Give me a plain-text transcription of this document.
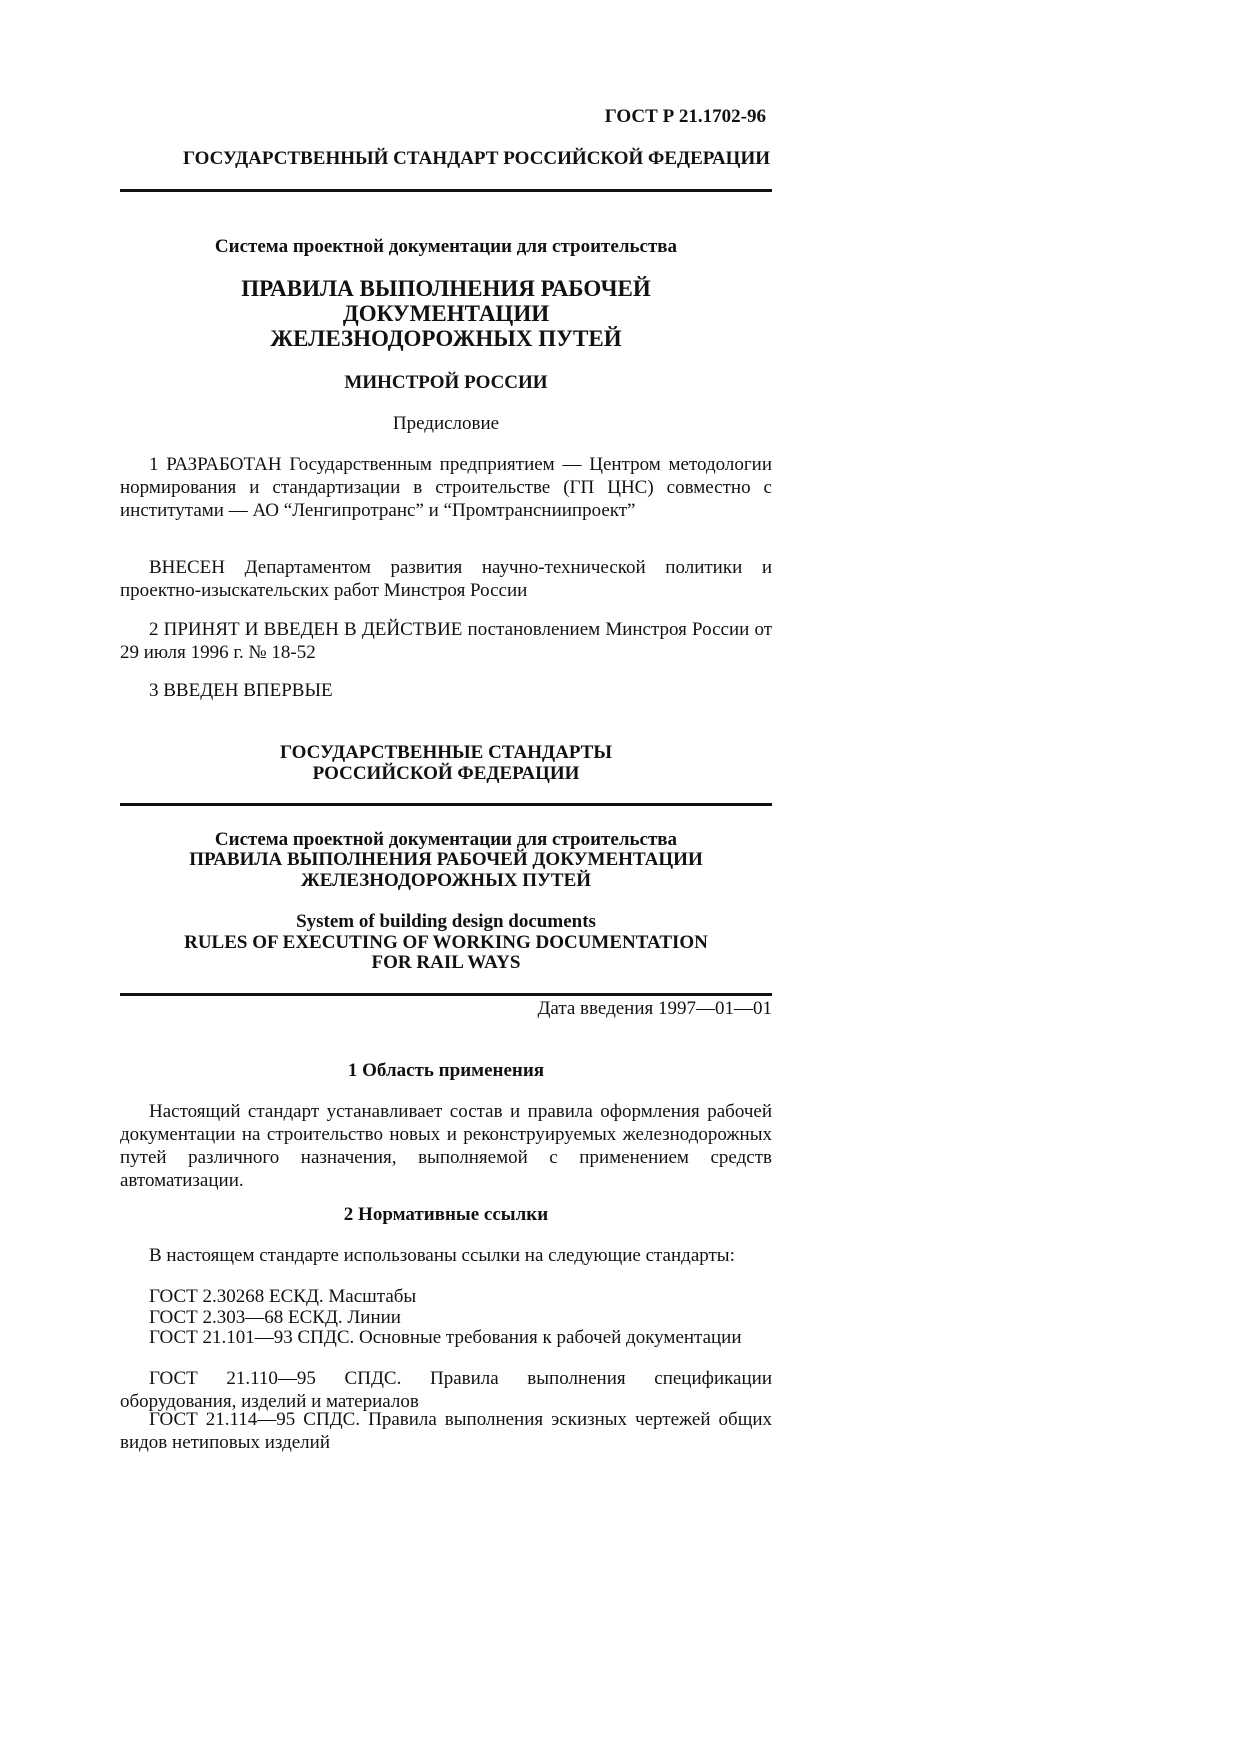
ГОСТ Р 21.1702-96
ГОСУДАРСТВЕННЫЙ СТАНДАРТ РОССИЙСКОЙ ФЕДЕРАЦИИ
Система проектной документации для строительства
ПРАВИЛА ВЫПОЛНЕНИЯ РАБОЧЕЙ
ДОКУМЕНТАЦИИ
ЖЕЛЕЗНОДОРОЖНЫХ ПУТЕЙ
МИНСТРОЙ РОССИИ
Предисловие
1 РАЗРАБОТАН Государственным предприятием — Центром методологии нормирования и стандартизации в строительстве (ГП ЦНС) совместно с институтами — АО “Ленгипротранс” и “Промтрансниипроект”
ВНЕСЕН Департаментом развития научно-технической политики и проектно-изыскательских работ Минстроя России
2 ПРИНЯТ И ВВЕДЕН В ДЕЙСТВИЕ постановлением Минстроя России от 29 июля 1996 г. № 18-52
3 ВВЕДЕН ВПЕРВЫЕ
ГОСУДАРСТВЕННЫЕ СТАНДАРТЫ
РОССИЙСКОЙ ФЕДЕРАЦИИ
Система проектной документации для строительства
ПРАВИЛА ВЫПОЛНЕНИЯ РАБОЧЕЙ ДОКУМЕНТАЦИИ
ЖЕЛЕЗНОДОРОЖНЫХ ПУТЕЙ
System of building design documents
RULES OF EXECUTING OF WORKING DOCUMENTATION
FOR RAIL WAYS
Дата введения 1997—01—01
1 Область применения
Настоящий стандарт устанавливает состав и правила оформления рабочей документации на строительство новых и реконструируемых железнодорожных путей различного назначения, выполняемой с применением средств автоматизации.
2 Нормативные ссылки
В настоящем стандарте использованы ссылки на следующие стандарты:
ГОСТ 2.30268 ЕСКД. Масштабы
ГОСТ 2.303—68 ЕСКД. Линии
ГОСТ 21.101—93 СПДС. Основные требования к рабочей документации
ГОСТ 21.110—95 СПДС. Правила выполнения спецификации оборудования, изделий и материалов
ГОСТ 21.114—95 СПДС. Правила выполнения эскизных чертежей общих видов нетиповых изделий
